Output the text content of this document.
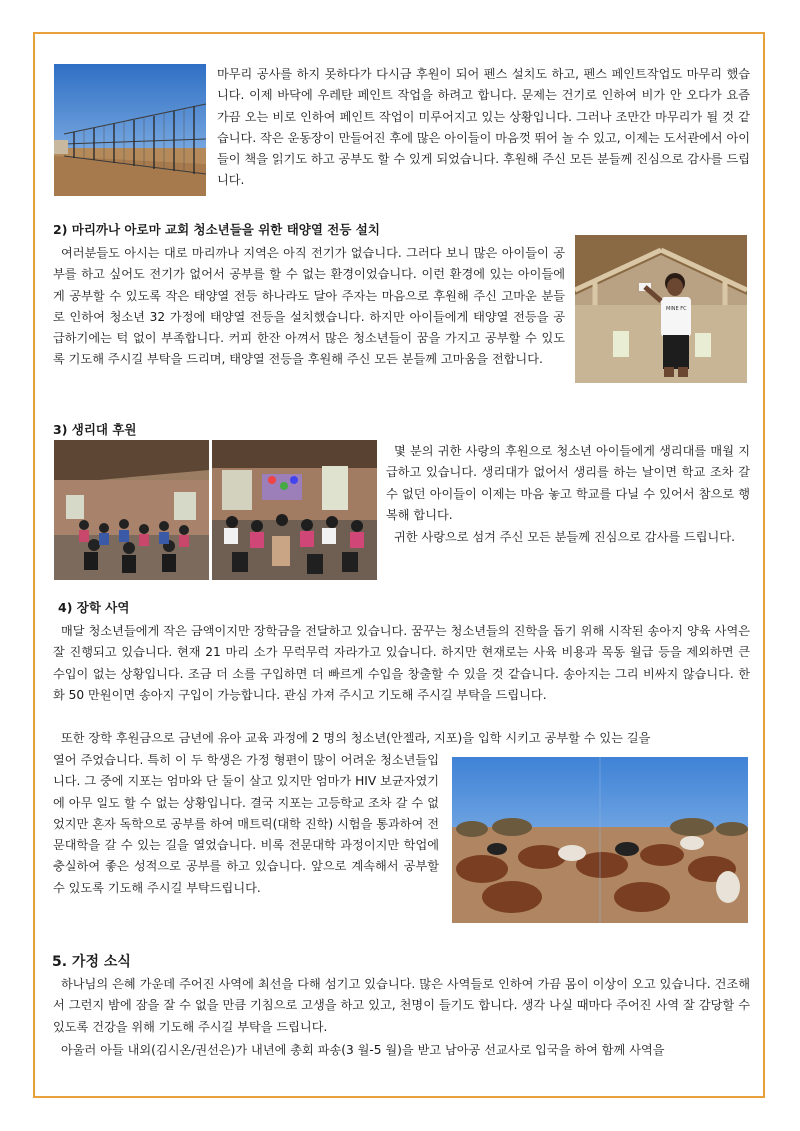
마무리 공사를 하지 못하다가 다시금 후원이 되어 펜스 설치도 하고, 펜스 페인트작업도 마무리 했습니다. 이제 바닥에 우레탄 페인트 작업을 하려고 합니다. 문제는 건기로 인하여 비가 안 오다가 요즘 가끔 오는 비로 인하여 페인트 작업이 미루어지고 있는 상황입니다. 그러나 조만간 마무리가 될 것 같습니다. 작은 운동장이 만들어진 후에 많은 아이들이 마음껏 뛰어 놀 수 있고, 이제는 도서관에서 아이들이 책을 읽기도 하고 공부도 할 수 있게 되었습니다. 후원해 주신 모든 분들께 진심으로 감사를 드립니다.

2) 마리까나 아로마 교회 청소년들을 위한 태양열 전등 설치

여러분들도 아시는 대로 마리까나 지역은 아직 전기가 없습니다. 그러다 보니 많은 아이들이 공부를 하고 싶어도 전기가 없어서 공부를 할 수 없는 환경이었습니다. 이런 환경에 있는 아이들에게 공부할 수 있도록 작은 태양열 전등 하나라도 달아 주자는 마음으로 후원해 주신 고마운 분들로 인하여 청소년 32 가정에 태양열 전등을 설치했습니다. 하지만 아이들에게 태양열 전등을 공급하기에는 턱 없이 부족합니다. 커피 한잔 아껴서 많은 청소년들이 꿈을 가지고 공부할 수 있도록 기도해 주시길 부탁을 드리며, 태양열 전등을 후원해 주신 모든 분들께 고마움을 전합니다.

MINE FC
3) 생리대 후원

몇 분의 귀한 사랑의 후원으로 청소년 아이들에게 생리대를 매월 지급하고 있습니다. 생리대가 없어서 생리를 하는 날이면 학교 조차 갈 수 없던 아이들이 이제는 마음 놓고 학교를 다닐 수 있어서 참으로 행복해 합니다.

귀한 사랑으로 섬겨 주신 모든 분들께 진심으로 감사를 드립니다.

4) 장학 사역

매달 청소년들에게 작은 금액이지만 장학금을 전달하고 있습니다. 꿈꾸는 청소년들의 진학을 돕기 위해 시작된 송아지 양육 사역은 잘 진행되고 있습니다. 현재 21 마리 소가 무럭무럭 자라가고 있습니다. 하지만 현재로는 사육 비용과 목동 월급 등을 제외하면 큰 수입이 없는 상황입니다. 조금 더 소를 구입하면 더 빠르게 수입을 창출할 수 있을 것 같습니다. 송아지는 그리 비싸지 않습니다. 한화 50 만원이면 송아지 구입이 가능합니다. 관심 가져 주시고 기도해 주시길 부탁을 드립니다.

또한 장학 후원금으로 금년에 유아 교육 과정에 2 명의 청소년(안젤라, 지포)을 입학 시키고 공부할 수 있는 길을

열어 주었습니다. 특히 이 두 학생은 가정 형편이 많이 어려운 청소년들입니다. 그 중에 지포는 엄마와 단 둘이 살고 있지만 엄마가 HIV 보균자였기에 아무 일도 할 수 없는 상황입니다. 결국 지포는 고등학교 조차 갈 수 없었지만 혼자 독학으로 공부를 하여 매트릭(대학 진학) 시험을 통과하여 전문대학을 갈 수 있는 길을 열었습니다. 비록 전문대학 과정이지만 학업에 충실하여 좋은 성적으로 공부를 하고 있습니다. 앞으로 계속해서 공부할 수 있도록 기도해 주시길 부탁드립니다.

5. 가정 소식

하나님의 은혜 가운데 주어진 사역에 최선을 다해 섬기고 있습니다. 많은 사역들로 인하여 가끔 몸이 이상이 오고 있습니다. 건조해서 그런지 밤에 잠을 잘 수 없을 만큼 기침으로 고생을 하고 있고, 천명이 들기도 합니다. 생각 나실 때마다 주어진 사역 잘 감당할 수 있도록 건강을 위해 기도해 주시길 부탁을 드립니다.

아울러 아들 내외(김시온/권선은)가 내년에 총회 파송(3 월-5 월)을 받고 남아공 선교사로 입국을 하여 함께 사역을
